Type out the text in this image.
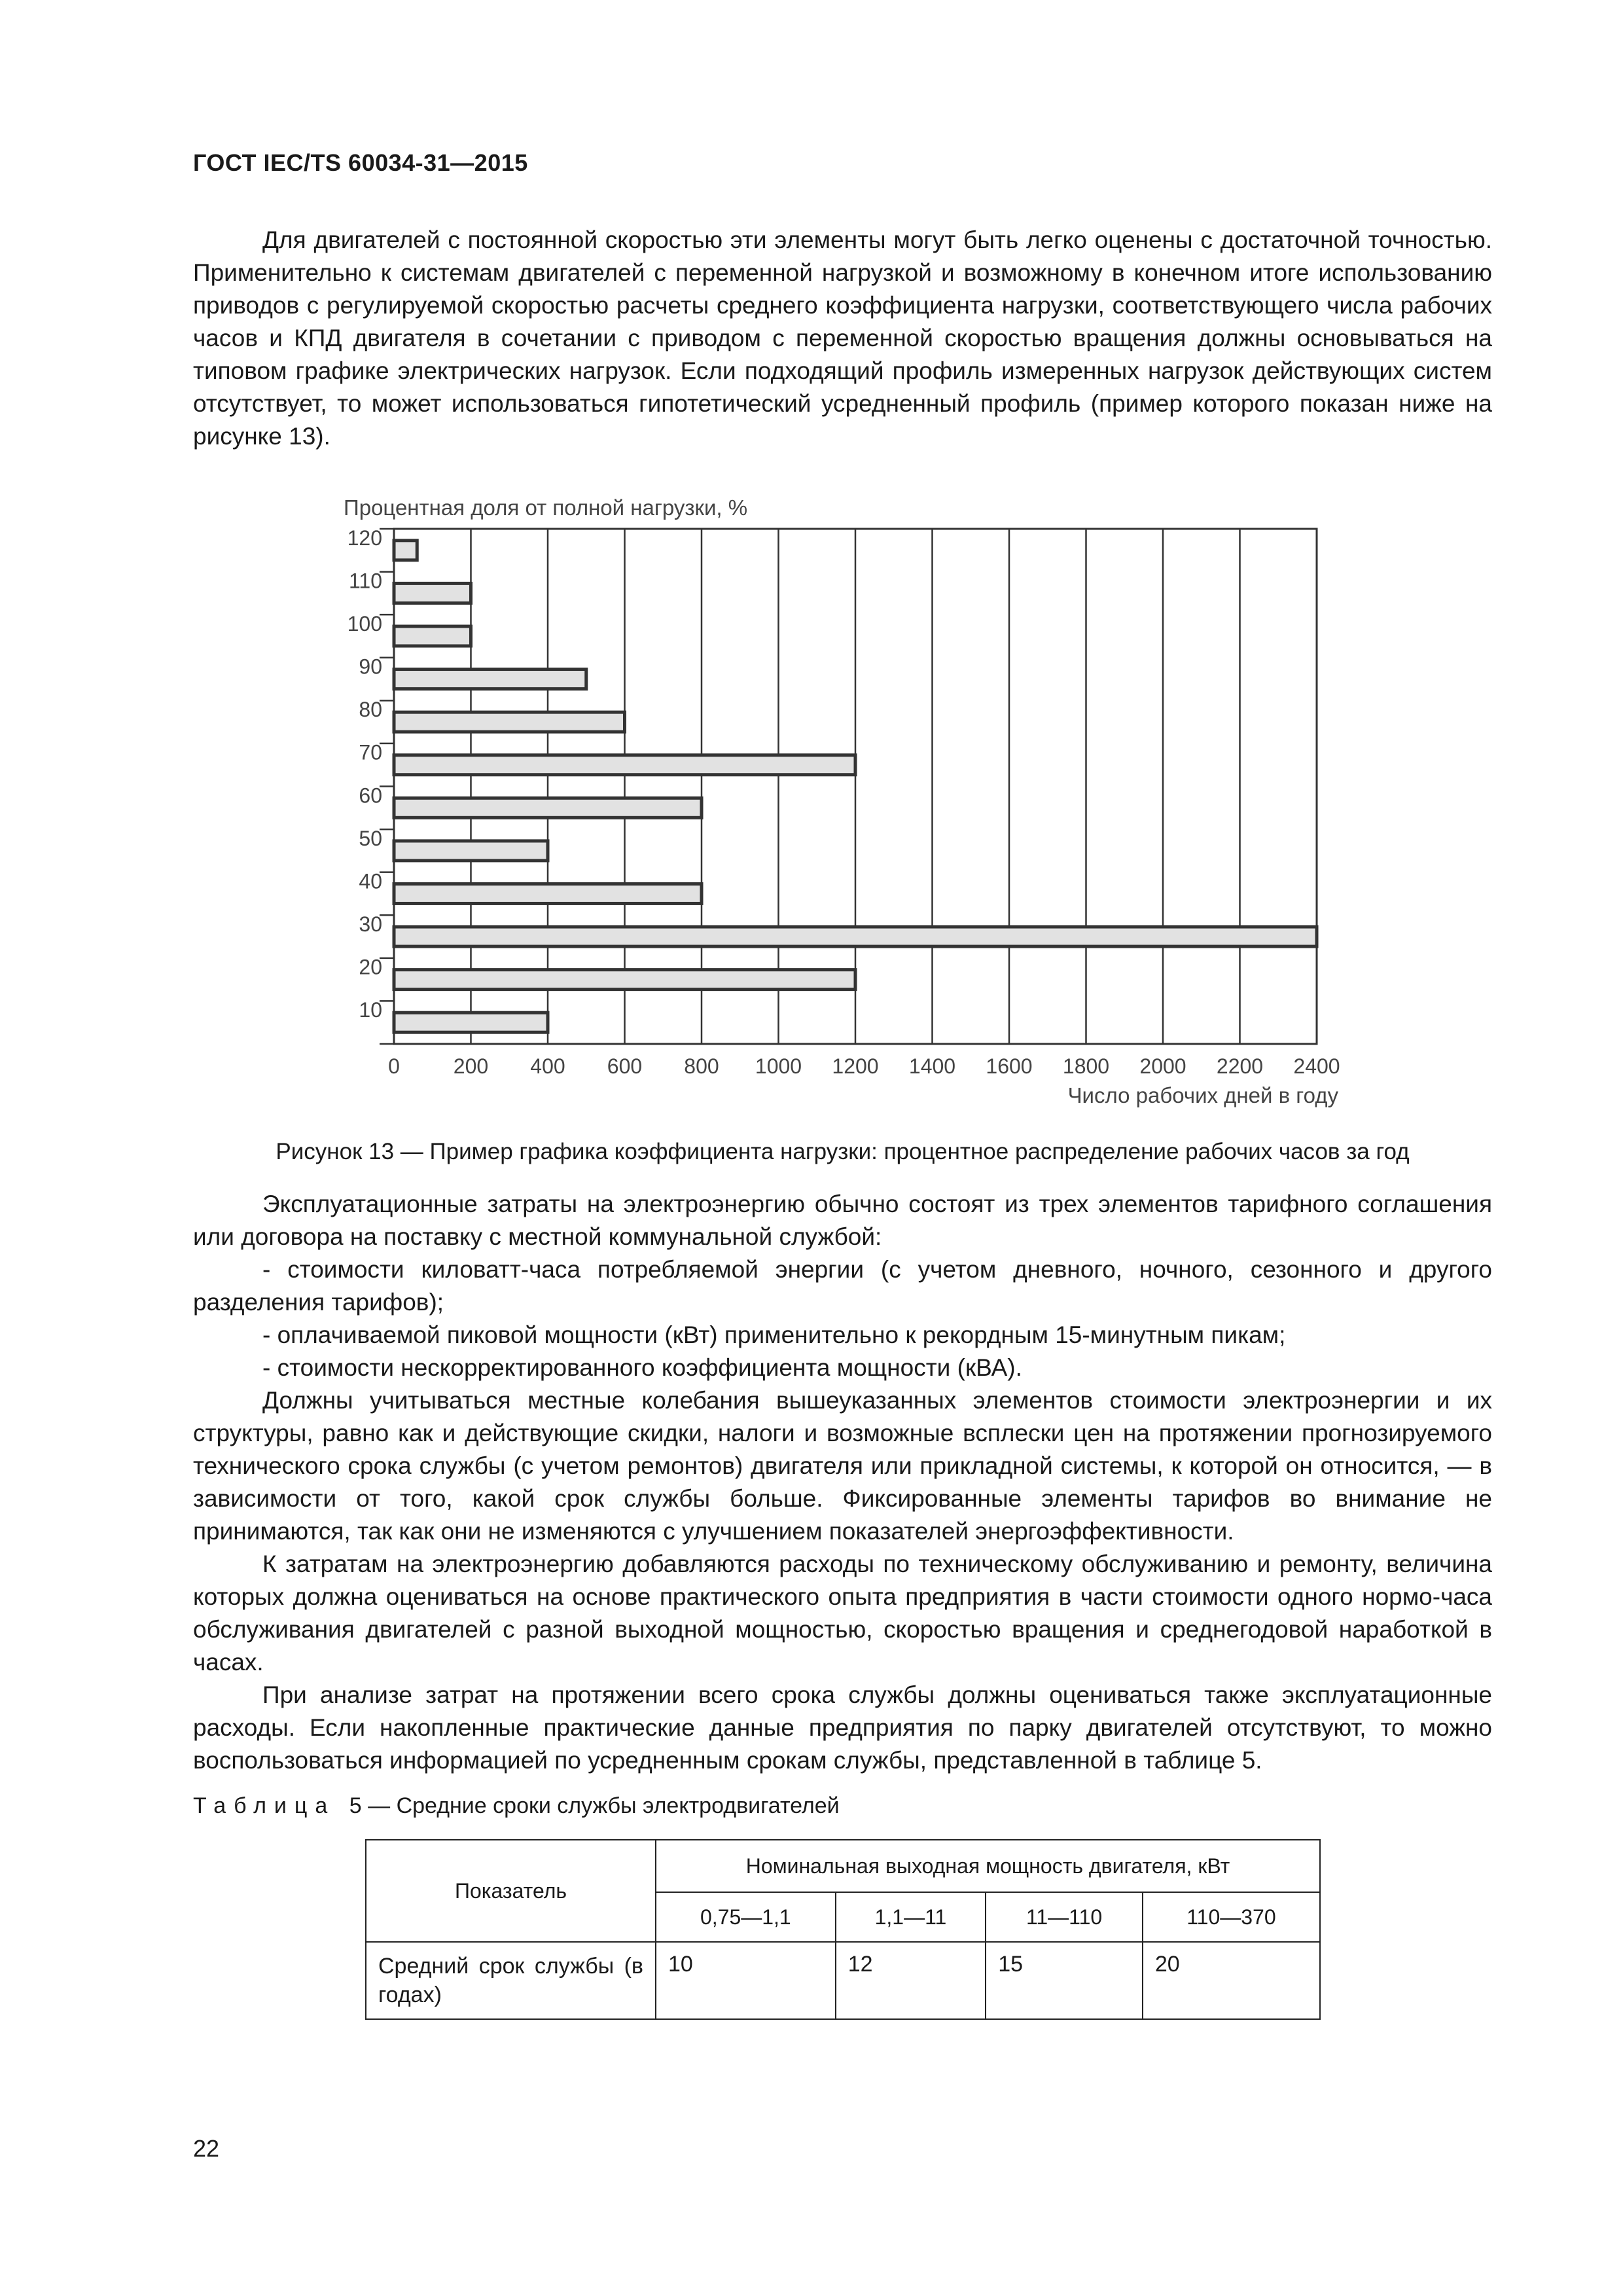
ГОСТ IEC/TS 60034-31—2015

Для двигателей с постоянной скоростью эти элементы могут быть легко оценены с достаточной точностью. Применительно к системам двигателей с переменной нагрузкой и возможному в конечном итоге использованию приводов с регулируемой скоростью расчеты среднего коэффициента нагрузки, соответствующего числа рабочих часов и КПД двигателя в сочетании с приводом с переменной скоростью вращения должны основываться на типовом графике электрических нагрузок. Если подходящий профиль измеренных нагрузок действующих систем отсутствует, то может использоваться гипотетический усредненный профиль (пример которого показан ниже на рисунке 13).

Процентная доля от полной нагрузки, %
120
110
100
90
80
70
60
50
40
30
20
10
0	200 400 600 800 1000 1200 1400 1600 1800 2000 2200 2400
Число рабочих дней в году
Рисунок 13 — Пример графика коэффициента нагрузки: процентное распределение рабочих часов за год

Эксплуатационные затраты на электроэнергию обычно состоят из трех элементов тарифного соглашения или договора на поставку с местной коммунальной службой:

- стоимости киловатт-часа потребляемой энергии (с учетом дневного, ночного, сезонного и другого разделения тарифов);

- оплачиваемой пиковой мощности (кВт) применительно к рекордным 15-минутным пикам;

- стоимости нескорректированного коэффициента мощности (кВА).

Должны учитываться местные колебания вышеуказанных элементов стоимости электроэнергии и их структуры, равно как и действующие скидки, налоги и возможные всплески цен на протяжении прогнозируемого технического срока службы (с учетом ремонтов) двигателя или прикладной системы, к которой он относится, — в зависимости от того, какой срок службы больше. Фиксированные элементы тарифов во внимание не принимаются, так как они не изменяются с улучшением показателей энергоэффективности.

К затратам на электроэнергию добавляются расходы по техническому обслуживанию и ремонту, величина которых должна оцениваться на основе практического опыта предприятия в части стоимости одного нормо-часа обслуживания двигателей с разной выходной мощностью, скоростью вращения и среднегодовой наработкой в часах.

При анализе затрат на протяжении всего срока службы должны оцениваться также эксплуатационные расходы. Если накопленные практические данные предприятия по парку двигателей отсутствуют, то можно воспользоваться информацией по усредненным срокам службы, представленной в таблице 5.

Таблица 5 — Средние сроки службы электродвигателей
Показатель	Номинальная выходная мощность двигателя, кВт			
	0,75—1,1	1,1—11	11—110	110—370
Средний срок службы (в годах)	10	12	15	20
22
